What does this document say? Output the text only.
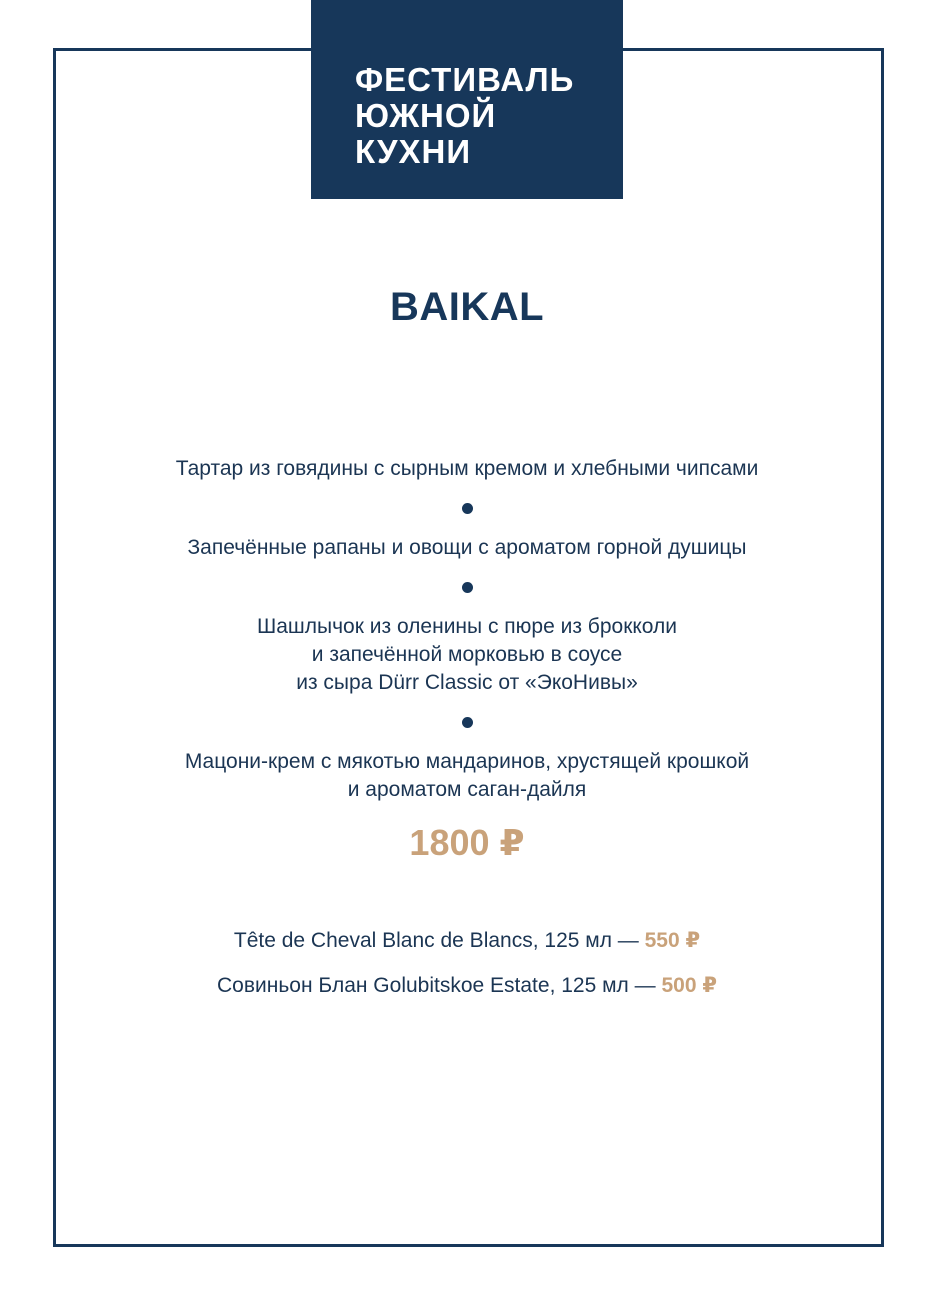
ФЕСТИВАЛЬ
ЮЖНОЙ
КУХНИ
BAIKAL

Тартар из говядины с сырным кремом и хлебными чипсами

Запечённые рапаны и овощи с ароматом горной душицы

Шашлычок из оленины с пюре из брокколи
и запечённой морковью в соусе
из сыра Dürr Classic от «ЭкоНивы»

Мацони-крем с мякотью мандаринов, хрустящей крошкой
и ароматом саган-дайля

1800 ₽

Tête de Cheval Blanc de Blancs, 125 мл — 550 ₽

Совиньон Блан Golubitskoe Estate, 125 мл — 500 ₽
